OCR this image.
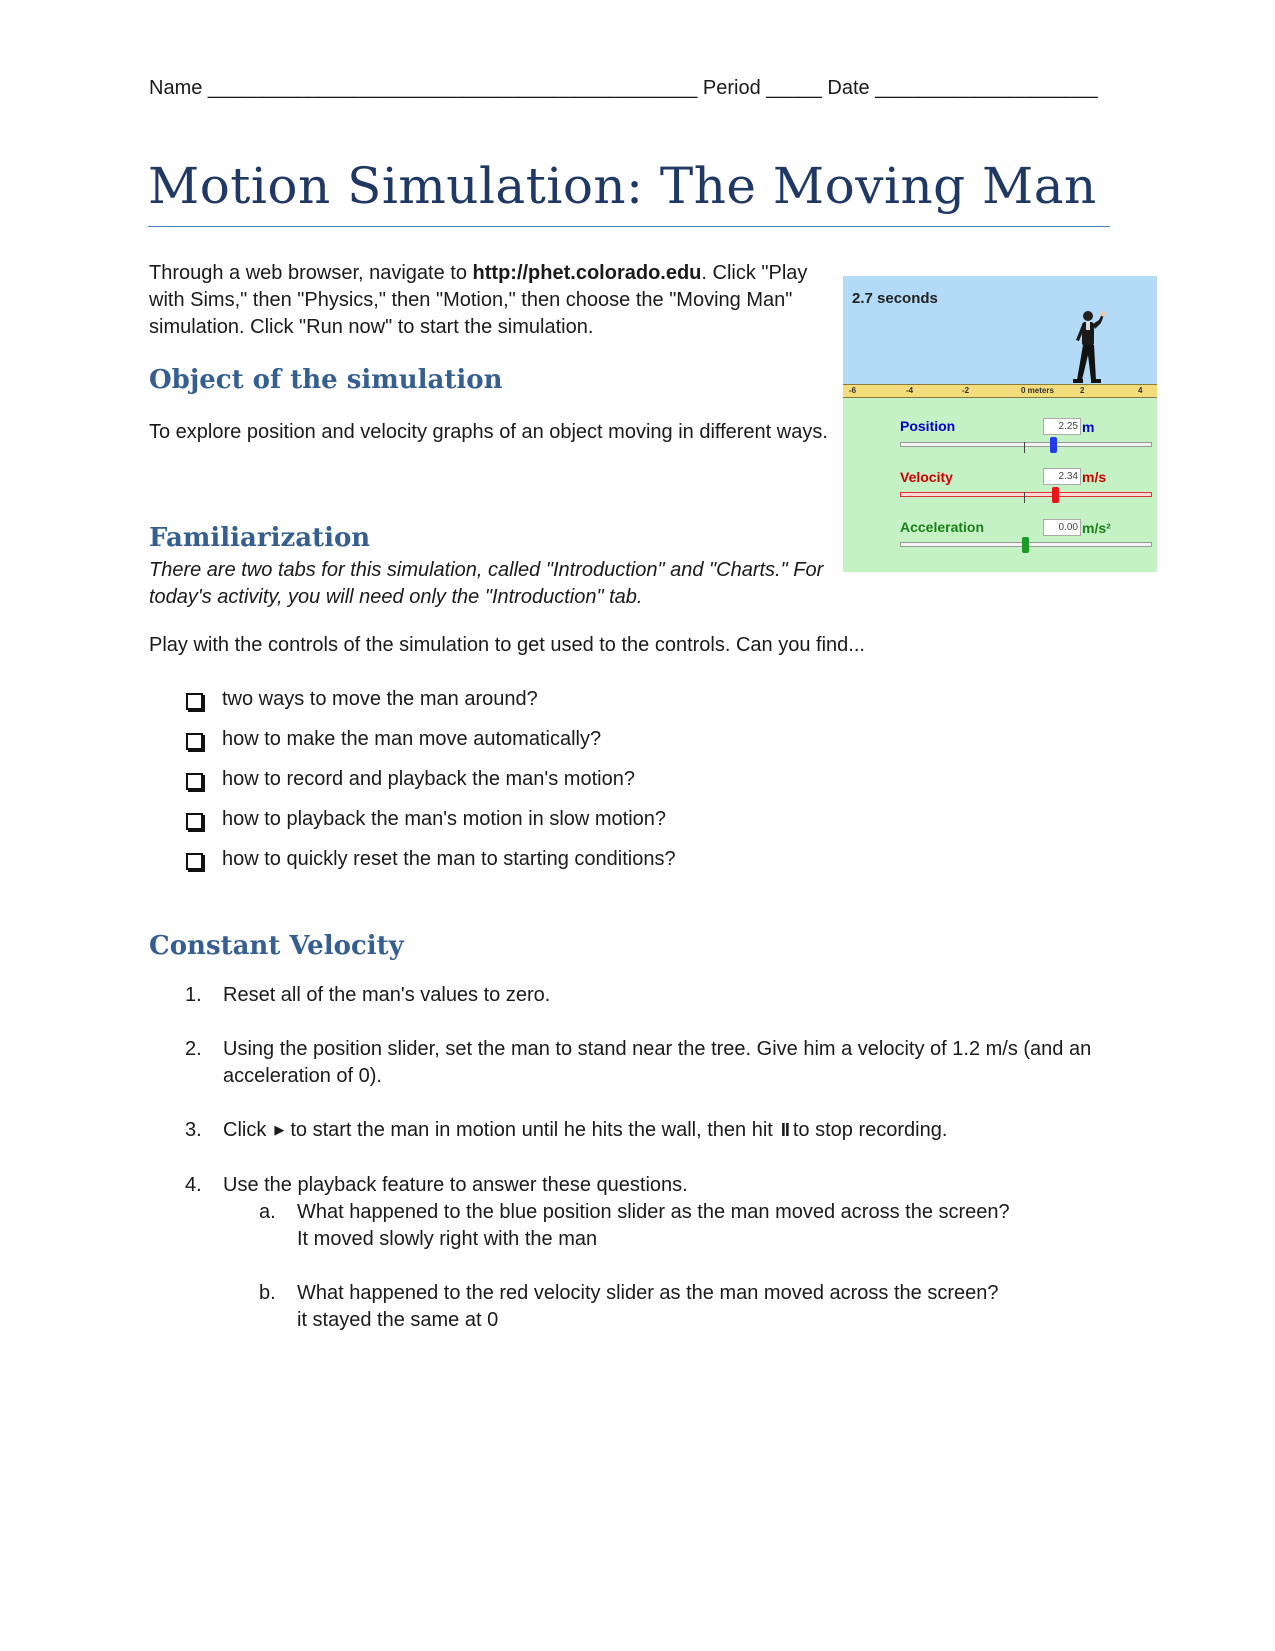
Name ____________________________________________ Period _____ Date ____________________
Motion Simulation: The Moving Man

Through a web browser, navigate to http://phet.colorado.edu. Click "Play with Sims," then "Physics," then "Motion," then choose the "Moving Man" simulation. Click "Run now" to start the simulation.

Object of the simulation

To explore position and velocity graphs of an object moving in different ways.

Familiarization

There are two tabs for this simulation, called "Introduction" and "Charts." For today's activity, you will need only the "Introduction" tab.

Play with the controls of the simulation to get used to the controls. Can you find...

two ways to move the man around?
how to make the man move automatically?
how to record and playback the man's motion?
how to playback the man's motion in slow motion?
how to quickly reset the man to starting conditions?
Constant Velocity
1. Reset all of the man's values to zero.
2. Using the position slider, set the man to stand near the tree. Give him a velocity of 1.2 m/s (and an acceleration of 0).
3. Click ▶ to start the man in motion until he hits the wall, then hit II to stop recording.
4. Use the playback feature to answer these questions.
a. What happened to the blue position slider as the man moved across the screen?
It moved slowly right with the man
b. What happened to the red velocity slider as the man moved across the screen?
it stayed the same at 0
2.7 seconds
-6	-4	-2	0 meters	2	4
Position	2.25 m
Velocity	2.34 m/s
Acceleration	0.00 m/s²
